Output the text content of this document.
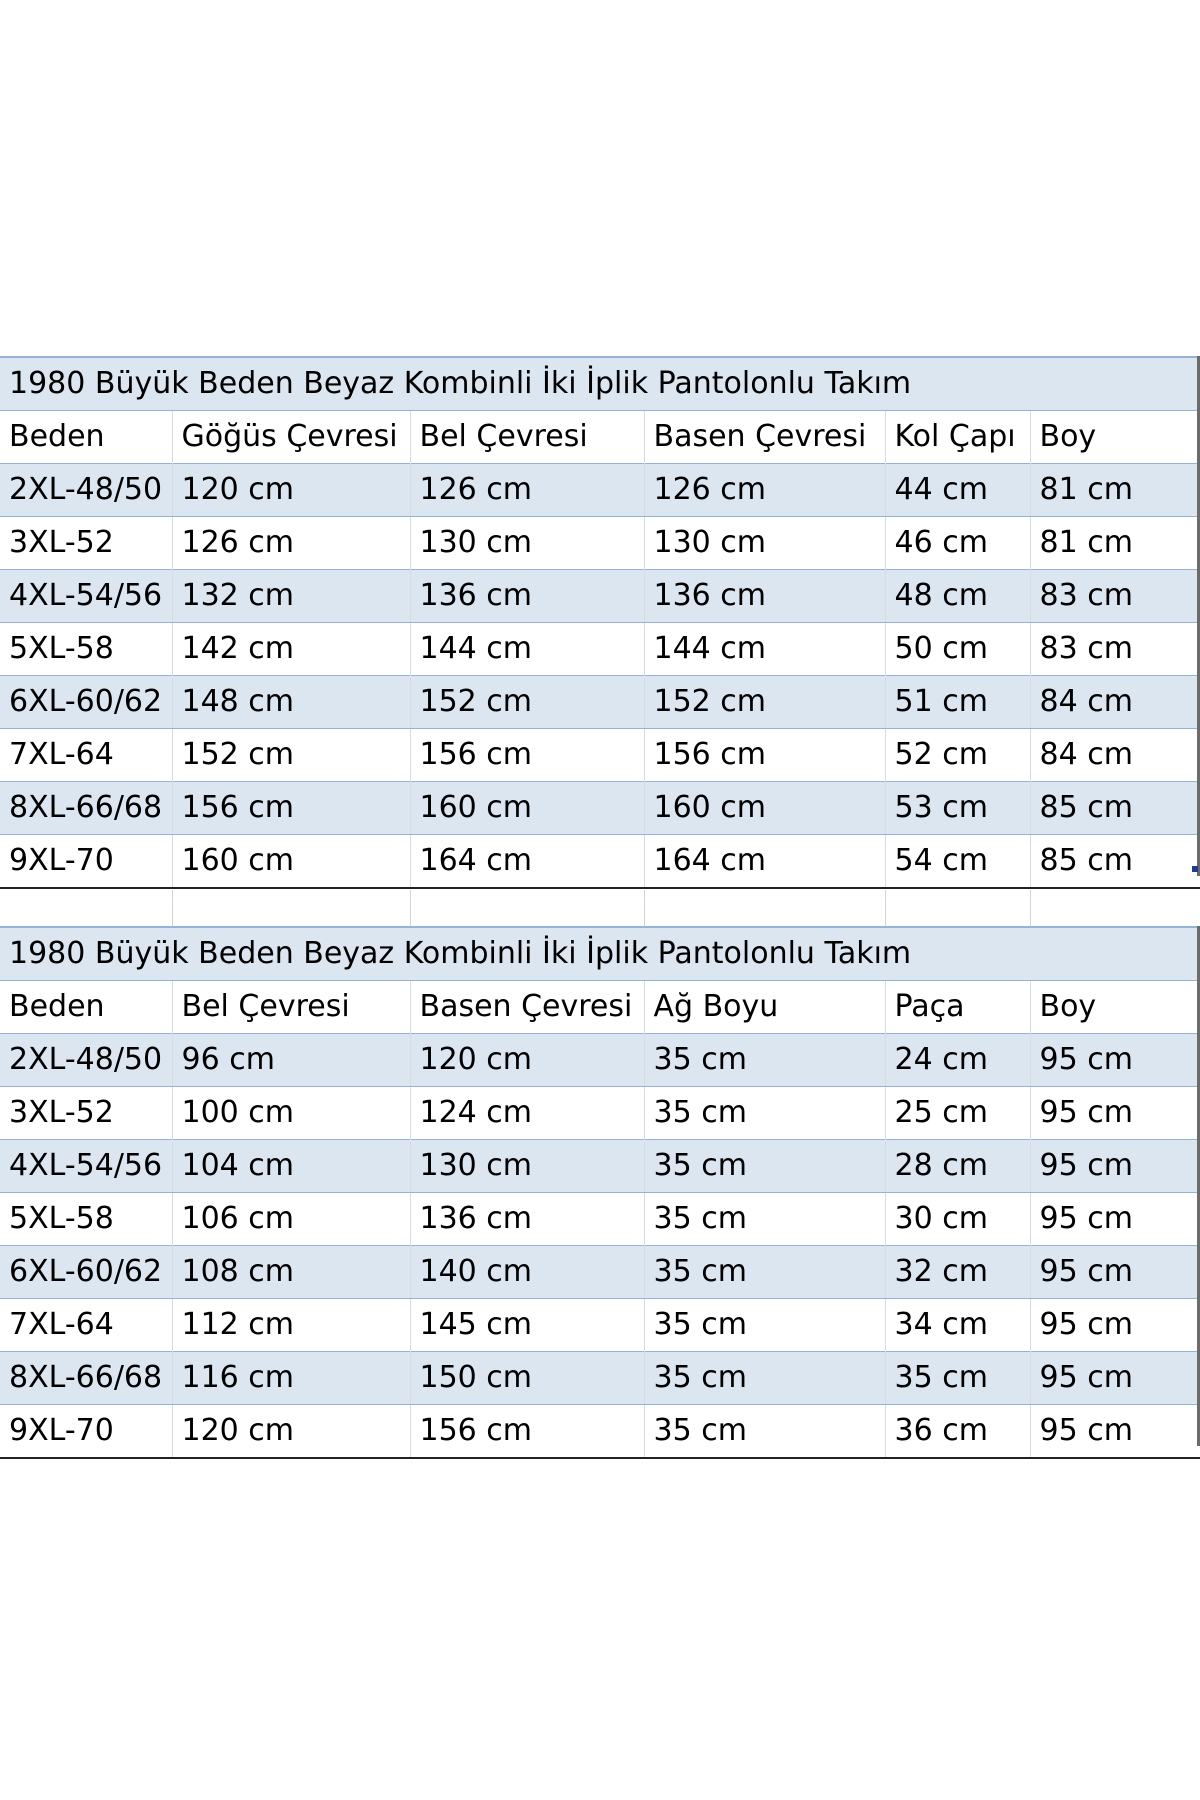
1980 Büyük Beden Beyaz Kombinli İki İplik Pantolonlu Takım					
Beden	Göğüs Çevresi	Bel Çevresi	Basen Çevresi	Kol Çapı	Boy
2XL-48/50	120 cm	126 cm	126 cm	44 cm	81 cm
3XL-52	126 cm	130 cm	130 cm	46 cm	81 cm
4XL-54/56	132 cm	136 cm	136 cm	48 cm	83 cm
5XL-58	142 cm	144 cm	144 cm	50 cm	83 cm
6XL-60/62	148 cm	152 cm	152 cm	51 cm	84 cm
7XL-64	152 cm	156 cm	156 cm	52 cm	84 cm
8XL-66/68	156 cm	160 cm	160 cm	53 cm	85 cm
9XL-70	160 cm	164 cm	164 cm	54 cm	85 cm

1980 Büyük Beden Beyaz Kombinli İki İplik Pantolonlu Takım					
Beden	Bel Çevresi	Basen Çevresi	Ağ Boyu	Paça	Boy
2XL-48/50	96 cm	120 cm	35 cm	24 cm	95 cm
3XL-52	100 cm	124 cm	35 cm	25 cm	95 cm
4XL-54/56	104 cm	130 cm	35 cm	28 cm	95 cm
5XL-58	106 cm	136 cm	35 cm	30 cm	95 cm
6XL-60/62	108 cm	140 cm	35 cm	32 cm	95 cm
7XL-64	112 cm	145 cm	35 cm	34 cm	95 cm
8XL-66/68	116 cm	150 cm	35 cm	35 cm	95 cm
9XL-70	120 cm	156 cm	35 cm	36 cm	95 cm
